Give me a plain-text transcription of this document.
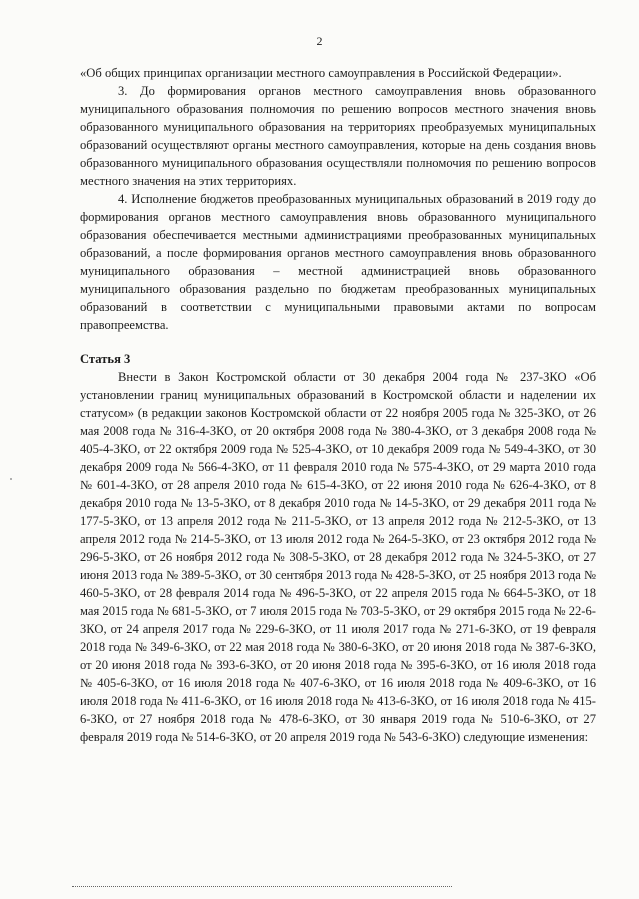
2

«Об общих принципах организации местного самоуправления в Российской Федерации».

3. До формирования органов местного самоуправления вновь образованного муниципального образования полномочия по решению вопросов местного значения вновь образованного муниципального образования на территориях преобразуемых муниципальных образований осуществляют органы местного самоуправления, которые на день создания вновь образованного муниципального образования осуществляли полномочия по решению вопросов местного значения на этих территориях.

4. Исполнение бюджетов преобразованных муниципальных образований в 2019 году до формирования органов местного самоуправления вновь образованного муниципального образования обеспечивается местными администрациями преобразованных муниципальных образований, а после формирования органов местного самоуправления вновь образованного муниципального образования – местной администрацией вновь образованного муниципального образования раздельно по бюджетам преобразованных муниципальных образований в соответствии с муниципальными правовыми актами по вопросам правопреемства.

Статья 3

Внести в Закон Костромской области от 30 декабря 2004 года № 237-ЗКО «Об установлении границ муниципальных образований в Костромской области и наделении их статусом» (в редакции законов Костромской области от 22 ноября 2005 года № 325-ЗКО, от 26 мая 2008 года № 316-4-ЗКО, от 20 октября 2008 года № 380-4-ЗКО, от 3 декабря 2008 года № 405-4-ЗКО, от 22 октября 2009 года № 525-4-ЗКО, от 10 декабря 2009 года № 549-4-ЗКО, от 30 декабря 2009 года № 566-4-ЗКО, от 11 февраля 2010 года № 575-4-ЗКО, от 29 марта 2010 года № 601-4-ЗКО, от 28 апреля 2010 года № 615-4-ЗКО, от 22 июня 2010 года № 626-4-ЗКО, от 8 декабря 2010 года № 13-5-ЗКО, от 8 декабря 2010 года № 14-5-ЗКО, от 29 декабря 2011 года № 177-5-ЗКО, от 13 апреля 2012 года № 211-5-ЗКО, от 13 апреля 2012 года № 212-5-ЗКО, от 13 апреля 2012 года № 214-5-ЗКО, от 13 июля 2012 года № 264-5-ЗКО, от 23 октября 2012 года № 296-5-ЗКО, от 26 ноября 2012 года № 308-5-ЗКО, от 28 декабря 2012 года № 324-5-ЗКО, от 27 июня 2013 года № 389-5-ЗКО, от 30 сентября 2013 года № 428-5-ЗКО, от 25 ноября 2013 года № 460-5-ЗКО, от 28 февраля 2014 года № 496-5-ЗКО, от 22 апреля 2015 года № 664-5-ЗКО, от 18 мая 2015 года № 681-5-ЗКО, от 7 июля 2015 года № 703-5-ЗКО, от 29 октября 2015 года № 22-6-ЗКО, от 24 апреля 2017 года № 229-6-ЗКО, от 11 июля 2017 года № 271-6-ЗКО, от 19 февраля 2018 года № 349-6-ЗКО, от 22 мая 2018 года № 380-6-ЗКО, от 20 июня 2018 года № 387-6-ЗКО, от 20 июня 2018 года № 393-6-ЗКО, от 20 июня 2018 года № 395-6-ЗКО, от 16 июля 2018 года № 405-6-ЗКО, от 16 июля 2018 года № 407-6-ЗКО, от 16 июля 2018 года № 409-6-ЗКО, от 16 июля 2018 года № 411-6-ЗКО, от 16 июля 2018 года № 413-6-ЗКО, от 16 июля 2018 года № 415-6-ЗКО, от 27 ноября 2018 года № 478-6-ЗКО, от 30 января 2019 года № 510-6-ЗКО, от 27 февраля 2019 года № 514-6-ЗКО, от 20 апреля 2019 года № 543-6-ЗКО) следующие изменения:
